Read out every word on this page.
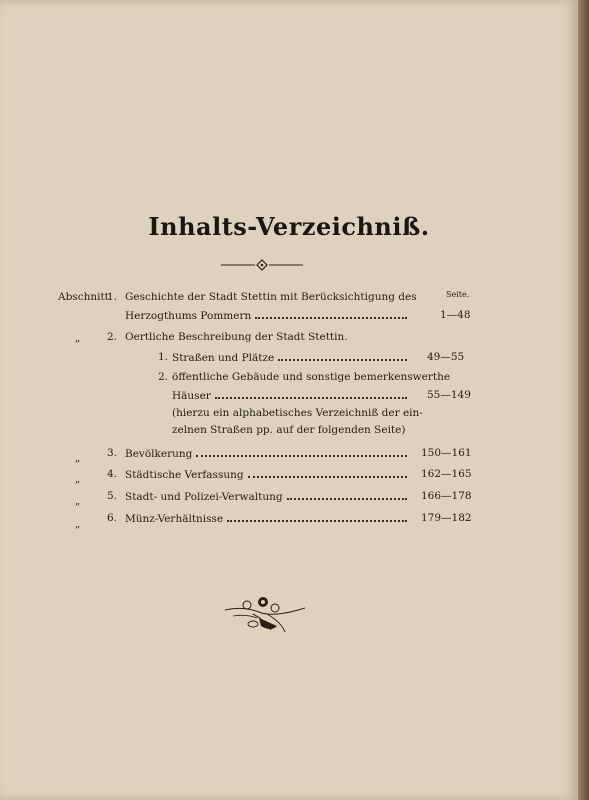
Inhalts-Verzeichniß.
Seite.
Abschnitt
1. Geschichte der Stadt Stettin mit Berücksichtigung des
Herzogthums Pommern	1—48
„	2. Oertliche Beschreibung der Stadt Stettin.
1. Straßen und Plätze	49—55
2. öffentliche Gebäude und sonstige bemerkenswerthe
Häuser	55—149
(hierzu ein alphabetisches Verzeichniß der ein-
zelnen Straßen pp. auf der folgenden Seite)
„	3. Bevölkerung	150—161
„	4. Städtische Verfassung	162—165
„	5. Stadt- und Polizei-Verwaltung	166—178
„
6. Münz-Verhältnisse	179—182
